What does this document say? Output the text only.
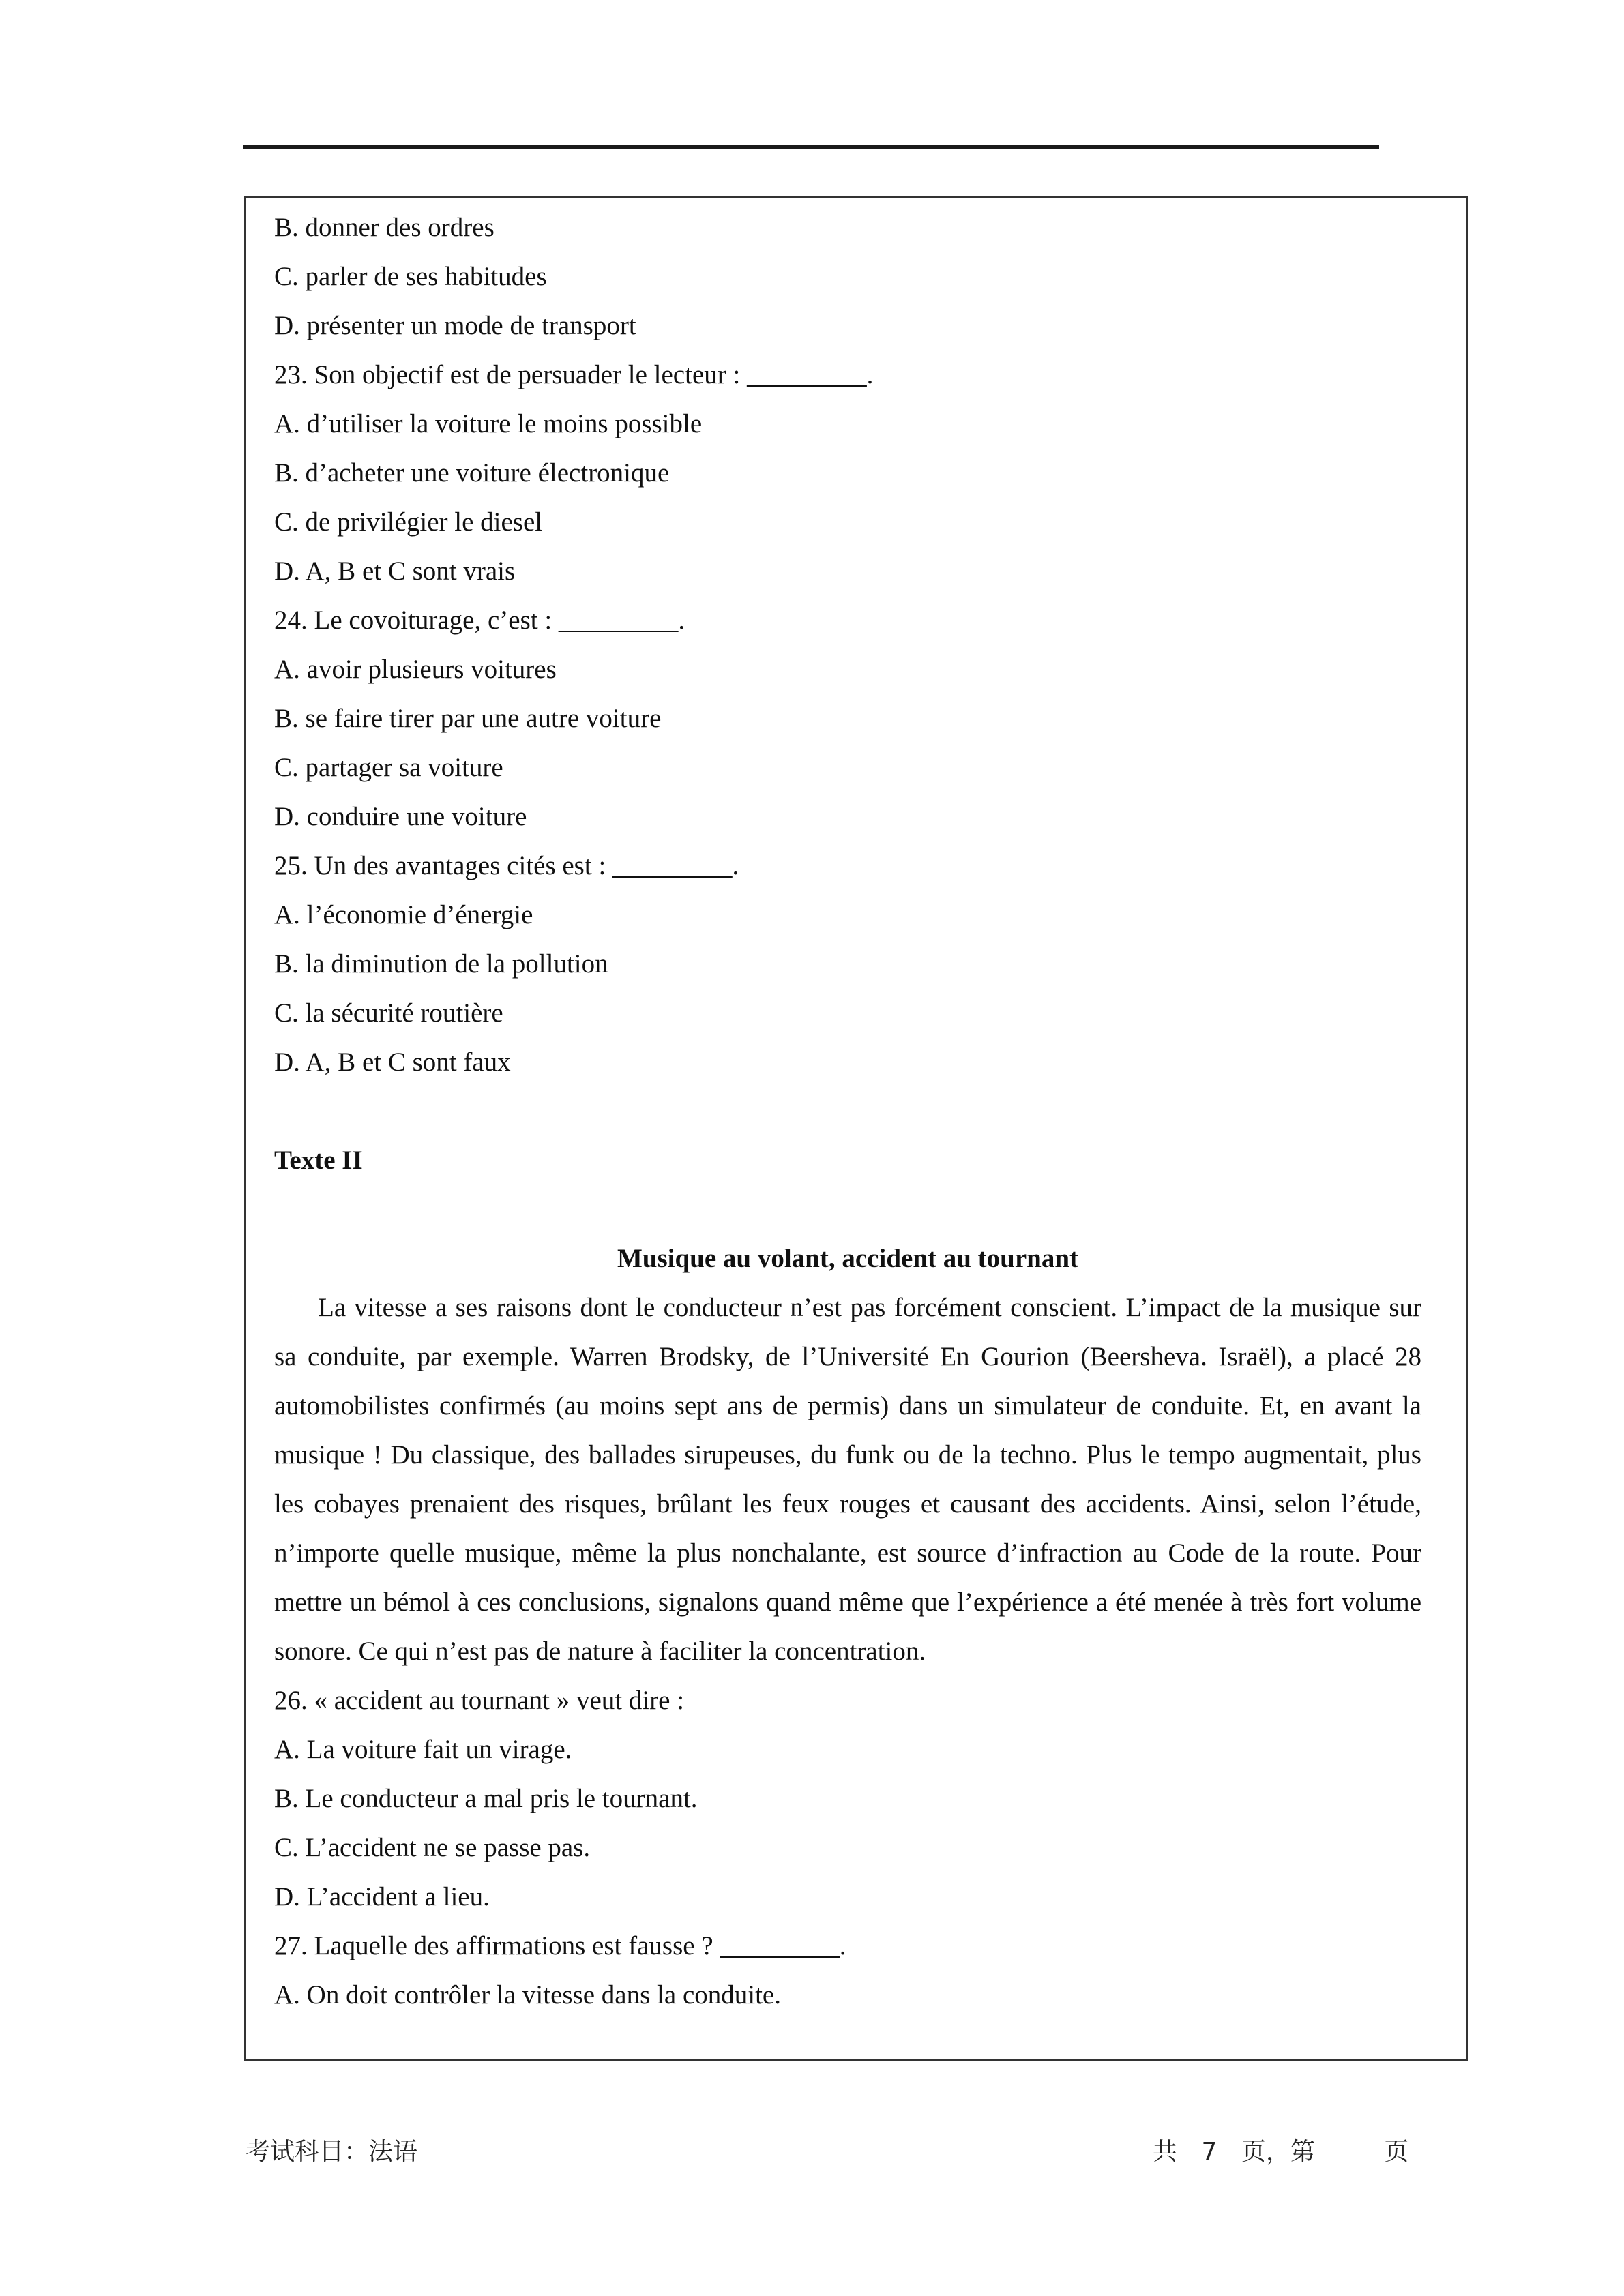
B. donner des ordres
C. parler de ses habitudes
D. présenter un mode de transport
23. Son objectif est de persuader le lecteur : _________.
A. d’utiliser la voiture le moins possible
B. d’acheter une voiture électronique
C. de privilégier le diesel
D. A, B et C sont vrais
24. Le covoiturage, c’est : _________.
A. avoir plusieurs voitures
B. se faire tirer par une autre voiture
C. partager sa voiture
D. conduire une voiture
25. Un des avantages cités est : _________.
A. l’économie d’énergie
B. la diminution de la pollution
C. la sécurité routière
D. A, B et C sont faux
Texte II
Musique au volant, accident au tournant

La vitesse a ses raisons dont le conducteur n’est pas forcément conscient. L’impact de la musique sur sa conduite, par exemple. Warren Brodsky, de l’Université En Gourion (Beersheva. Israël), a placé 28 automobilistes confirmés (au moins sept ans de permis) dans un simulateur de conduite. Et, en avant la musique ! Du classique, des ballades sirupeuses, du funk ou de la techno. Plus le tempo augmentait, plus les cobayes prenaient des risques, brûlant les feux rouges et causant des accidents. Ainsi, selon l’étude, n’importe quelle musique, même la plus nonchalante, est source d’infraction au Code de la route. Pour mettre un bémol à ces conclusions, signalons quand même que l’expérience a été menée à très fort volume sonore. Ce qui n’est pas de nature à faciliter la concentration.

26. « accident au tournant » veut dire :
A. La voiture fait un virage.
B. Le conducteur a mal pris le tournant.
C. L’accident ne se passe pas.
D. L’accident a lieu.
27. Laquelle des affirmations est fausse ? _________.
A. On doit contrôler la vitesse dans la conduite.
考试科目：法语	共 7 页，第	页
